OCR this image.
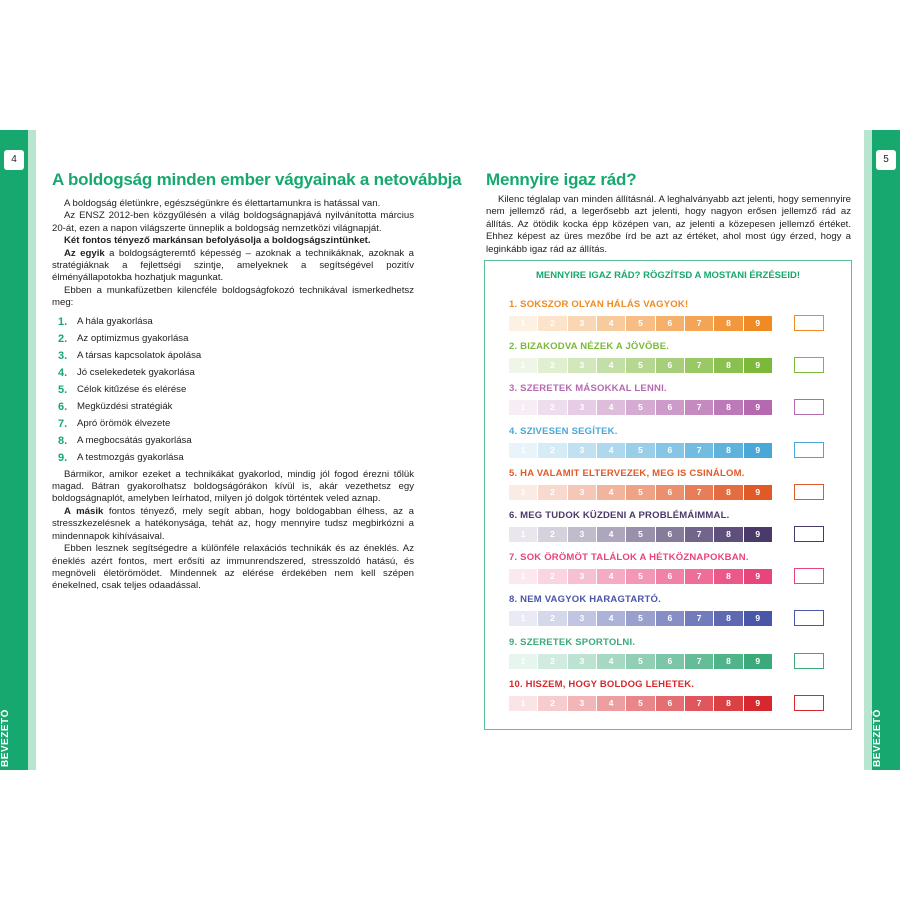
4
BEVEZETŐ
5
BEVEZETŐ
A boldogság minden ember vágyainak a netovábbja

A boldogság életünkre, egészségünkre és élettartamunkra is hatással van.

Az ENSZ 2012-ben közgyűlésén a világ boldogságnapjává nyilvánította március 20-át, ezen a napon világszerte ünneplik a boldogság nemzetközi világnapját.

Két fontos tényező markánsan befolyásolja a boldogságszintünket.

Az egyik a boldogságteremtő képesség – azoknak a technikáknak, azoknak a stratégiáknak a fejlettségi szintje, amelyeknek a segítségével pozitív élményállapotokba hozhatjuk magunkat.

Ebben a munkafüzetben kilencféle boldogságfokozó technikával ismerkedhetsz meg:

1.	A hála gyakorlása
2.	Az optimizmus gyakorlása
3.	A társas kapcsolatok ápolása
4.	Jó cselekedetek gyakorlása
5.	Célok kitűzése és elérése
6.	Megküzdési stratégiák
7.	Apró örömök élvezete
8.	A megbocsátás gyakorlása
9.	A testmozgás gyakorlása

Bármikor, amikor ezeket a technikákat gyakorlod, mindig jól fogod érezni tőlük magad. Bátran gyakorolhatsz boldogságórákon kívül is, akár vezethetsz egy boldogságnaplót, amelyben leírhatod, milyen jó dolgok történtek veled aznap.

A másik fontos tényező, mely segít abban, hogy boldogabban élhess, az a stresszkezelésnek a hatékonysága, tehát az, hogy mennyire tudsz megbirkózni a mindennapok kihívásaival.

Ebben lesznek segítségedre a különféle relaxációs technikák és az éneklés. Az éneklés azért fontos, mert erősíti az immunrendszered, stresszoldó hatású, és megnöveli életörömödet. Mindennek az elérése érdekében nem kell szépen énekelned, csak teljes odaadással.

Mennyire igaz rád?

Kilenc téglalap van minden állításnál. A leghalványabb azt jelenti, hogy semennyire nem jellemző rád, a legerősebb azt jelenti, hogy nagyon erősen jellemző rád az állítás. Az ötödik kocka épp középen van, az jelenti a közepesen jellemző értéket. Ehhez képest az üres mezőbe írd be azt az értéket, ahol most úgy érzed, hogy a leginkább igaz rád az állítás.

MENNYIRE IGAZ RÁD? RÖGZÍTSD A MOSTANI ÉRZÉSEID!
1. SOKSZOR OLYAN HÁLÁS VAGYOK!
1	2	3	4	5	6	7	8	9
2. BIZAKODVA NÉZEK A JÖVŐBE.
1	2	3	4	5	6	7	8	9
3. SZERETEK MÁSOKKAL LENNI.
1	2	3	4	5	6	7	8	9
4. SZIVESEN SEGÍTEK.
1	2	3	4	5	6	7	8	9
5. HA VALAMIT ELTERVEZEK, MEG IS CSINÁLOM.
1	2	3	4	5	6	7	8	9
6. MEG TUDOK KÜZDENI A PROBLÉMÁIMMAL.
1	2	3	4	5	6	7	8	9
7. SOK ÖRÖMÖT TALÁLOK A HÉTKÖZNAPOKBAN.
1	2	3	4	5	6	7	8	9
8. NEM VAGYOK HARAGTARTÓ.
1	2	3	4	5	6	7	8	9
9. SZERETEK SPORTOLNI.
1	2	3	4	5	6	7	8	9
10. HISZEM, HOGY BOLDOG LEHETEK.
1	2	3	4	5	6	7	8	9
